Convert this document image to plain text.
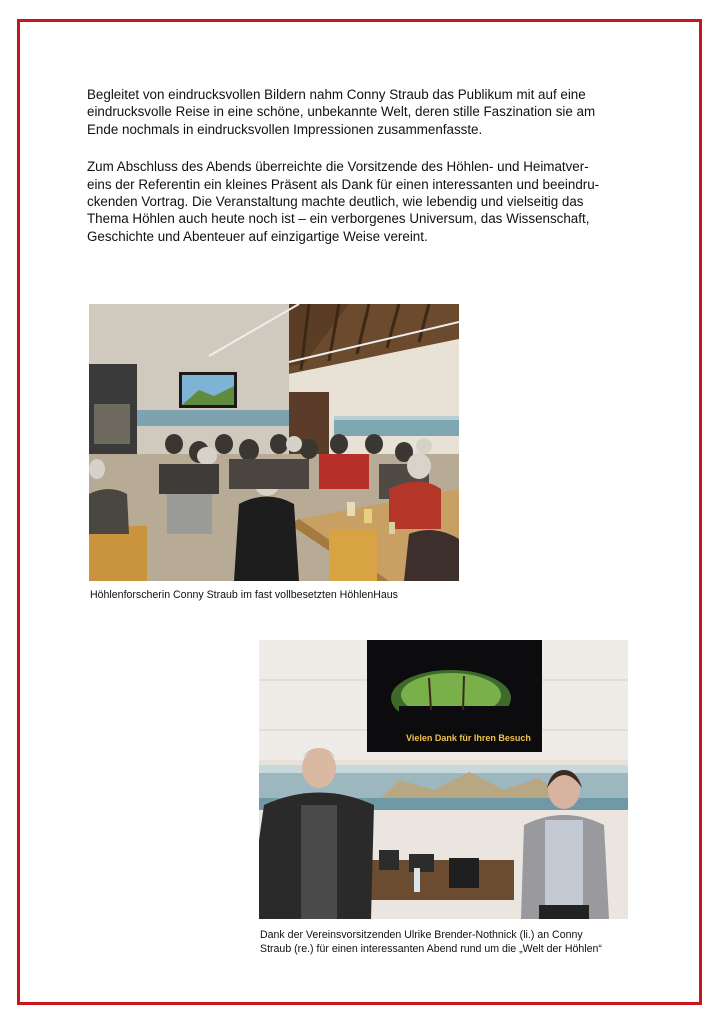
Begleitet von eindrucksvollen Bildern nahm Conny Straub das Publikum mit auf eine
eindrucksvolle Reise in eine schöne, unbekannte Welt, deren stille Faszination sie am
Ende nochmals in eindrucksvollen Impressionen zusammenfasste.

Zum Abschluss des Abends überreichte die Vorsitzende des Höhlen- und Heimatver-
eins der Referentin ein kleines Präsent als Dank für einen interessanten und beeindru-
ckenden Vortrag. Die Veranstaltung machte deutlich, wie lebendig und vielseitig das
Thema Höhlen auch heute noch ist – ein verborgenes Universum, das Wissenschaft,
Geschichte und Abenteuer auf einzigartige Weise vereint.

Höhlenforscherin Conny Straub im fast vollbesetzten HöhlenHaus
Vielen Dank für Ihren Besuch
Dank der Vereinsvorsitzenden Ulrike Brender-Nothnick (li.) an Conny
Straub (re.) für einen interessanten Abend rund um die „Welt der Höhlen“
